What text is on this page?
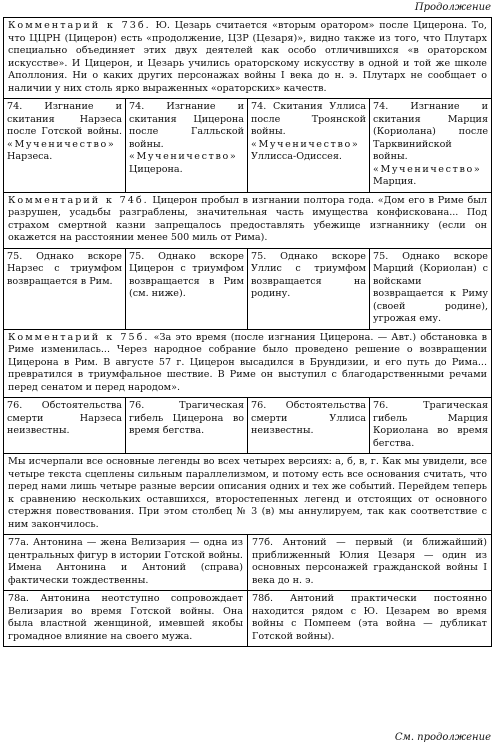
Продолжение
Комментарий к 73б. Ю. Цезарь считается «вторым оратором» после Цицерона. То, что ЦЦРН (Цицерон) есть «продолжение, ЦЗР (Цезаря)», видно также из того, что Плутарх специально объединяет этих двух деятелей как особо отличившихся «в ораторском искусстве». И Цицерон, и Цезарь учились ораторскому искусству в одной и той же школе Аполлония. Ни о каких других персонажах войны I века до н. э. Плутарх не сообщает о наличии у них столь ярко выраженных «ораторских» качеств.
74. Изгнание и скитания Нарзеса после Готской войны. «Мученичество» Нарзеса.
74. Изгнание и скитания Цицерона после Галльской войны. «Мученичество» Цицерона.
74. Скитания Уллиса после Троянской войны. «Мученичество» Уллисса-Одиссея.
74. Изгнание и скитания Марция (Кориолана) после Тарквинийской войны. «Мученичество» Марция.
Комментарий к 74б. Цицерон пробыл в изгнании полтора года. «Дом его в Риме был разрушен, усадьбы разграблены, значительная часть имущества конфискована... Под страхом смертной казни запрещалось предоставлять убежище изгнаннику (если он окажется на расстоянии менее 500 миль от Рима).
75. Однако вскоре Нарзес с триумфом возвращается в Рим.
75. Однако вскоре Цицерон с триумфом возвращается в Рим (см. ниже).
75. Однако вскоре Уллис с триумфом возвращается на родину.
75. Однако вскоре Марций (Кориолан) с войсками возвращается к Риму (своей родине), угрожая ему.
Комментарий к 75б. «За это время (после изгнания Цицерона. — Авт.) обстановка в Риме изменилась... Через народное собрание было проведено решение о возвращении Цицерона в Рим. В августе 57 г. Цицерон высадился в Брундизии, и его путь до Рима... превратился в триумфальное шествие. В Риме он выступил с благодарственными речами перед сенатом и перед народом».
76. Обстоятельства смерти Нарзеса неизвестны.
76. Трагическая гибель Цицерона во время бегства.
76. Обстоятельства смерти Уллиса неизвестны.
76. Трагическая гибель Марция Кориолана во время бегства.
Мы исчерпали все основные легенды во всех четырех версиях: а, б, в, г. Как мы увидели, все четыре текста сцеплены сильным параллелизмом, и потому есть все основания считать, что перед нами лишь четыре разные версии описания одних и тех же событий. Перейдем теперь к сравнению нескольких оставшихся, второстепенных легенд и отстоящих от основного стержня повествования. При этом столбец № 3 (в) мы аннулируем, так как соответствие с ним закончилось.
77а. Антонина — жена Велизария — одна из центральных фигур в истории Готской войны. Имена Антонина и Антоний (справа) фактически тождественны.
77б. Антоний — первый (и ближайший) приближенный Юлия Цезаря — один из основных персонажей гражданской войны I века до н. э.
78а. Антонина неотступно сопровождает Велизария во время Готской войны. Она была властной женщиной, имевшей якобы громадное влияние на своего мужа.
78б. Антоний практически постоянно находится рядом с Ю. Цезарем во время войны с Помпеем (эта война — дубликат Готской войны).
См. продолжение
